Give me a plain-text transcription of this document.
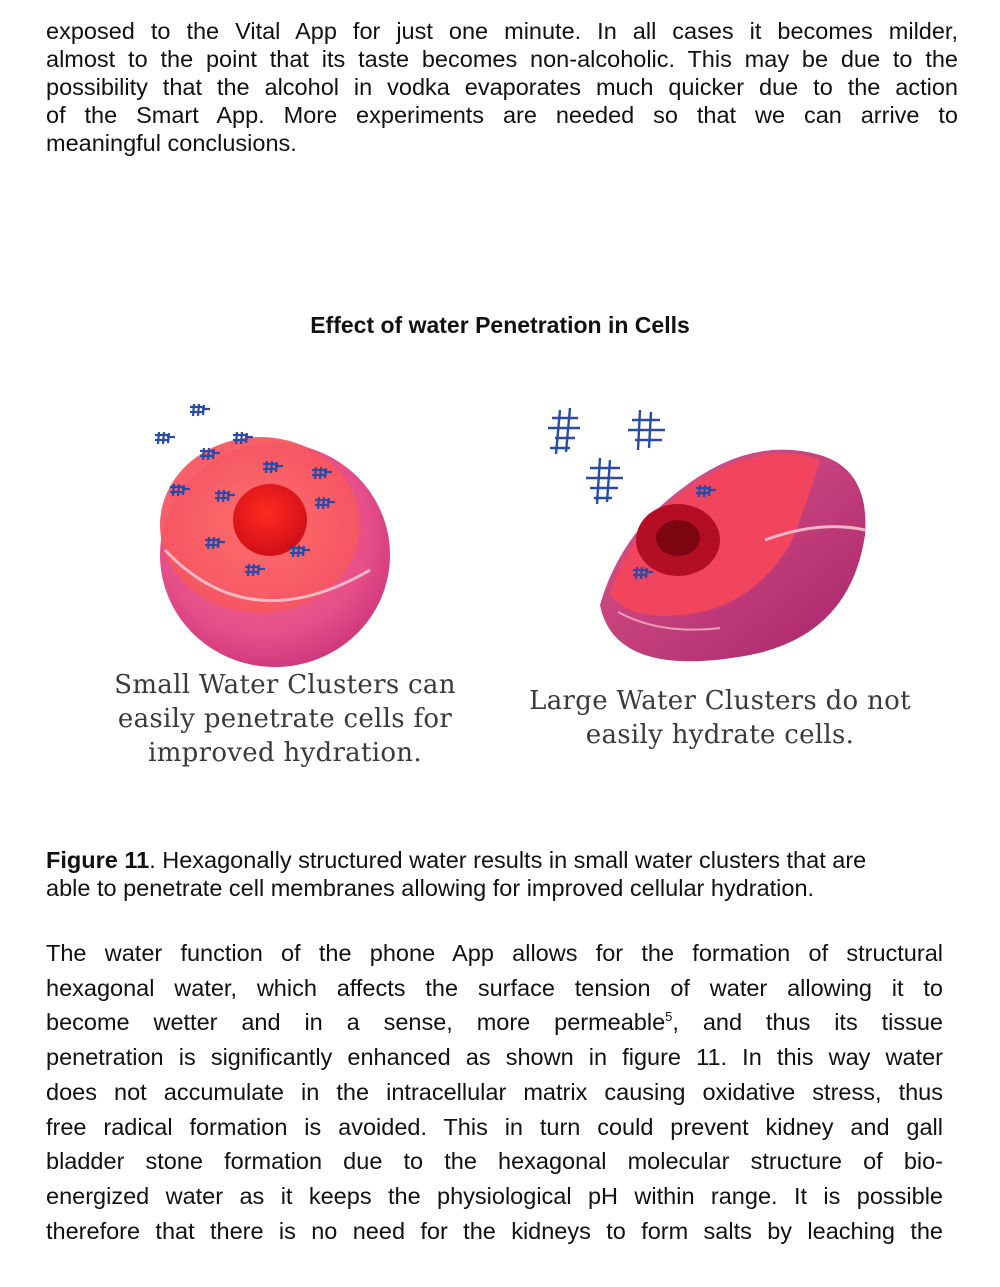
exposed to the Vital App for just one minute. In all cases it becomes milder,
almost to the point that its taste becomes non-alcoholic. This may be due to the
possibility that the alcohol in vodka evaporates much quicker due to the action
of the Smart App. More experiments are needed so that we can arrive to
meaningful conclusions.
Effect of water Penetration in Cells
Small Water Clusters can
easily penetrate cells for
improved hydration.
Large Water Clusters do not
easily hydrate cells.
Figure 11. Hexagonally structured water results in small water clusters that are
able to penetrate cell membranes allowing for improved cellular hydration.
The water function of the phone App allows for the formation of structural
hexagonal water, which affects the surface tension of water allowing it to
become wetter and in a sense, more permeable$^5$, and thus its tissue
penetration is significantly enhanced as shown in figure 11. In this way water
does not accumulate in the intracellular matrix causing oxidative stress, thus
free radical formation is avoided. This in turn could prevent kidney and gall
bladder stone formation due to the hexagonal molecular structure of bio-
energized water as it keeps the physiological pH within range. It is possible
therefore that there is no need for the kidneys to form salts by leaching the
